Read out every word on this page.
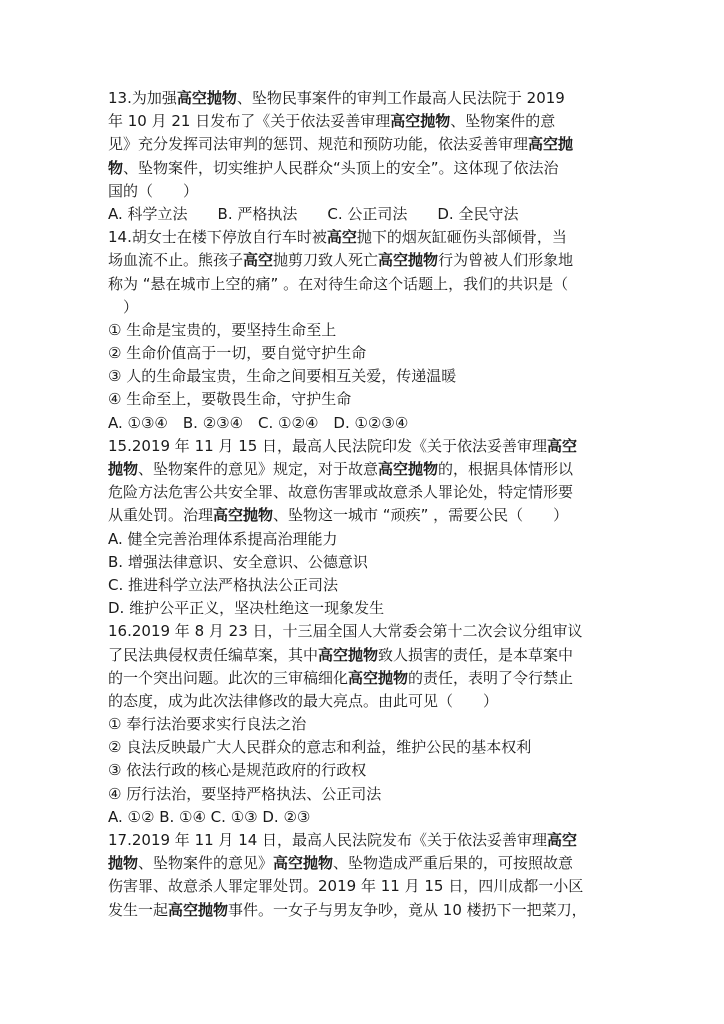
13.为加强高空抛物、坠物民事案件的审判工作最高人民法院于 2019
年 10 月 21 日发布了《关于依法妥善审理高空抛物、坠物案件的意
见》充分发挥司法审判的惩罚、规范和预防功能，依法妥善审理高空抛
物、坠物案件，切实维护人民群众“头顶上的安全”。这体现了依法治
国的（　　）
A. 科学立法　　B. 严格执法　　C. 公正司法　　D. 全民守法
14.胡女士在楼下停放自行车时被高空抛下的烟灰缸砸伤头部倾骨，当
场血流不止。熊孩子高空抛剪刀致人死亡高空抛物行为曾被人们形象地
称为 “悬在城市上空的痛” 。在对待生命这个话题上，我们的共识是（
　）
① 生命是宝贵的，要坚持生命至上
② 生命价值高于一切，要自觉守护生命
③ 人的生命最宝贵，生命之间要相互关爱，传递温暖
④ 生命至上，要敬畏生命，守护生命
A. ①③④　B. ②③④　C. ①②④　D. ①②③④
15.2019 年 11 月 15 日，最高人民法院印发《关于依法妥善审理高空
抛物、坠物案件的意见》规定，对于故意高空抛物的，根据具体情形以
危险方法危害公共安全罪、故意伤害罪或故意杀人罪论处，特定情形要
从重处罚。治理高空抛物、坠物这一城市 “顽疾” ，需要公民（　　）
A. 健全完善治理体系提高治理能力
B. 增强法律意识、安全意识、公德意识
C. 推进科学立法严格执法公正司法
D. 维护公平正义，坚决杜绝这一现象发生
16.2019 年 8 月 23 日，十三届全国人大常委会第十二次会议分组审议
了民法典侵权责任编草案，其中高空抛物致人损害的责任，是本草案中
的一个突出问题。此次的三审稿细化高空抛物的责任，表明了令行禁止
的态度，成为此次法律修改的最大亮点。由此可见（　　）
① 奉行法治要求实行良法之治
② 良法反映最广大人民群众的意志和利益，维护公民的基本权利
③ 依法行政的核心是规范政府的行政权
④ 厉行法治，要坚持严格执法、公正司法
A. ①② B. ①④ C. ①③ D. ②③
17.2019 年 11 月 14 日，最高人民法院发布《关于依法妥善审理高空
抛物、坠物案件的意见》高空抛物、坠物造成严重后果的，可按照故意
伤害罪、故意杀人罪定罪处罚。2019 年 11 月 15 日，四川成都一小区
发生一起高空抛物事件。一女子与男友争吵，竟从 10 楼扔下一把菜刀，
